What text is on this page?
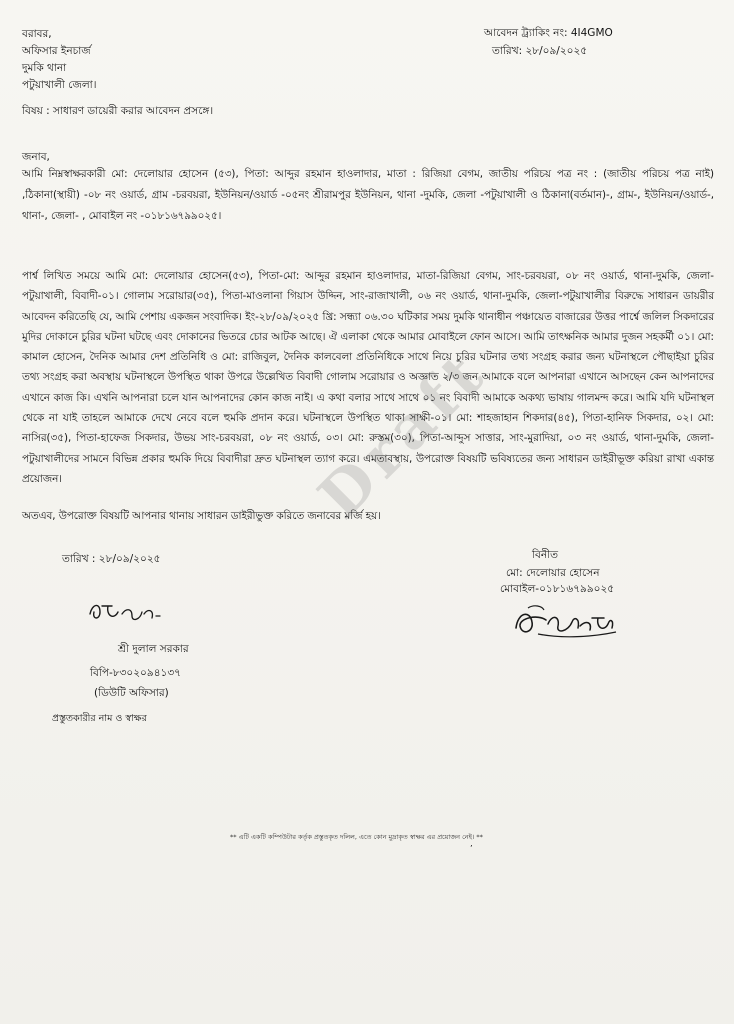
বরাবর,
অফিসার ইনচার্জ
দুমকি থানা
পটুয়াখালী জেলা।
আবেদন ট্র্যাকিং নং: 4I4GMO
তারিখ: ২৮/০৯/২০২৫
বিষয় : সাধারণ ডায়েরী করার আবেদন প্রসঙ্গে।
জনাব,
আমি নিম্নস্বাক্ষরকারী মো: দেলোয়ার হোসেন (৫৩), পিতা: আব্দুর রহমান হাওলাদার, মাতা : রিজিয়া বেগম, জাতীয় পরিচয় পত্র নং : (জাতীয় পরিচয় পত্র নাই) ,ঠিকানা(স্থায়ী) -০৮ নং ওয়ার্ড, গ্রাম -চরবয়রা, ইউনিয়ন/ওয়ার্ড -০৫নং শ্রীরামপুর ইউনিয়ন, থানা -দুমকি, জেলা -পটুয়াখালী ও ঠিকানা(বর্তমান)-, গ্রাম-, ইউনিয়ন/ওয়ার্ড-, থানা-, জেলা- , মোবাইল নং -০১৮১৬৭৯৯০২৫।
পার্শ্ব লিখিত সময়ে আমি মো: দেলোয়ার হোসেন(৫৩), পিতা-মো: আব্দুর রহমান হাওলাদার, মাতা-রিজিয়া বেগম, সাং-চরবয়রা, ০৮ নং ওয়ার্ড, থানা-দুমকি, জেলা-পটুয়াখালী, বিবাদী-০১। গোলাম সরোয়ার(৩৫), পিতা-মাওলানা গিয়াস উদ্দিন, সাং-রাজাখালী, ০৬ নং ওয়ার্ড, থানা-দুমকি, জেলা-পটুয়াখালীর বিরুদ্ধে সাধারন ডায়রীর আবেদন করিতেছি যে, আমি পেশায় একজন সংবাদিক। ইং-২৮/০৯/২০২৫ খ্রি: সন্ধ্যা ০৬.৩০ ঘটিকার সময় দুমকি থানাধীন পঞ্চায়েত বাজারের উত্তর পার্শ্বে জলিল সিকদারের মুদির দোকানে চুরির ঘটনা ঘটছে এবং দোকানের ভিতরে চোর আটক আছে। ঐ এলাকা থেকে আমার মোবাইলে ফোন আসে। আমি তাৎক্ষনিক আমার দুজন সহকর্মী ০১। মো: কামাল হোসেন, দৈনিক আমার দেশ প্রতিনিধি ও মো: রাজিবুল, দৈনিক কালবেলা প্রতিনিধিকে সাথে নিয়ে চুরির ঘটনার তথ্য সংগ্রহ করার জন্য ঘটনাস্থলে পৌছাইয়া চুরির তথ্য সংগ্রহ করা অবস্থায় ঘটনাস্থলে উপস্থিত থাকা উপরে উল্লেখিত বিবাদী গোলাম সরোয়ার ও অজ্ঞাত ২/৩ জন আমাকে বলে আপনারা এখানে আসছেন কেন আপনাদের এখানে কাজ কি। এখনি আপনারা চলে যান আপনাদের কোন কাজ নাই। এ কথা বলার সাথে সাথে ০১ নং বিবাদী আমাকে অকথ্য ভাষায় গালমন্দ করে। আমি যদি ঘটনাস্থল থেকে না যাই তাহলে আমাকে দেখে নেবে বলে হুমকি প্রদান করে। ঘটনাস্থলে উপস্থিত থাকা সাক্ষী-০১। মো: শাহজাহান শিকদার(৪৫), পিতা-হানিফ সিকদার, ০২। মো: নাসির(৩৫), পিতা-হাফেজ সিকদার, উভয় সাং-চরবয়রা, ০৮ নং ওয়ার্ড, ০৩। মো: রুস্তম(৩০), পিতা-আব্দুস সাত্তার, সাং-মুরাদিয়া, ০৩ নং ওয়ার্ড, থানা-দুমকি, জেলা-পটুয়াখালীদের সামনে বিভিন্ন প্রকার হুমকি দিয়ে বিবাদীরা দ্রুত ঘটনাস্থল ত্যাগ করে। এমতাবস্থায়, উপরোক্ত বিষয়টি ভবিষ্যতের জন্য সাধারন ডাইরীভূক্ত করিয়া রাখা একান্ত প্রয়োজন।
অতএব, উপরোক্ত বিষয়টি আপনার থানায় সাধারন ডাইরীভুক্ত করিতে জনাবের মর্জি হয়।
তারিখ : ২৮/০৯/২০২৫	বিনীত
মো: দেলোয়ার হোসেন
মোবাইল-০১৮১৬৭৯৯০২৫
শ্রী দুলাল সরকার
বিপি-৮৩০২০৯৪১৩৭
(ডিউটি অফিসার)
প্রস্তুতকারীর নাম ও স্বাক্ষর
** এটি একটি কম্পিউটার কর্তৃক প্রস্তুতকৃত দলিল, এতে কোন মুদ্রাকৃত স্বাক্ষর এর প্রয়োজন নেই। **
’
Draft
